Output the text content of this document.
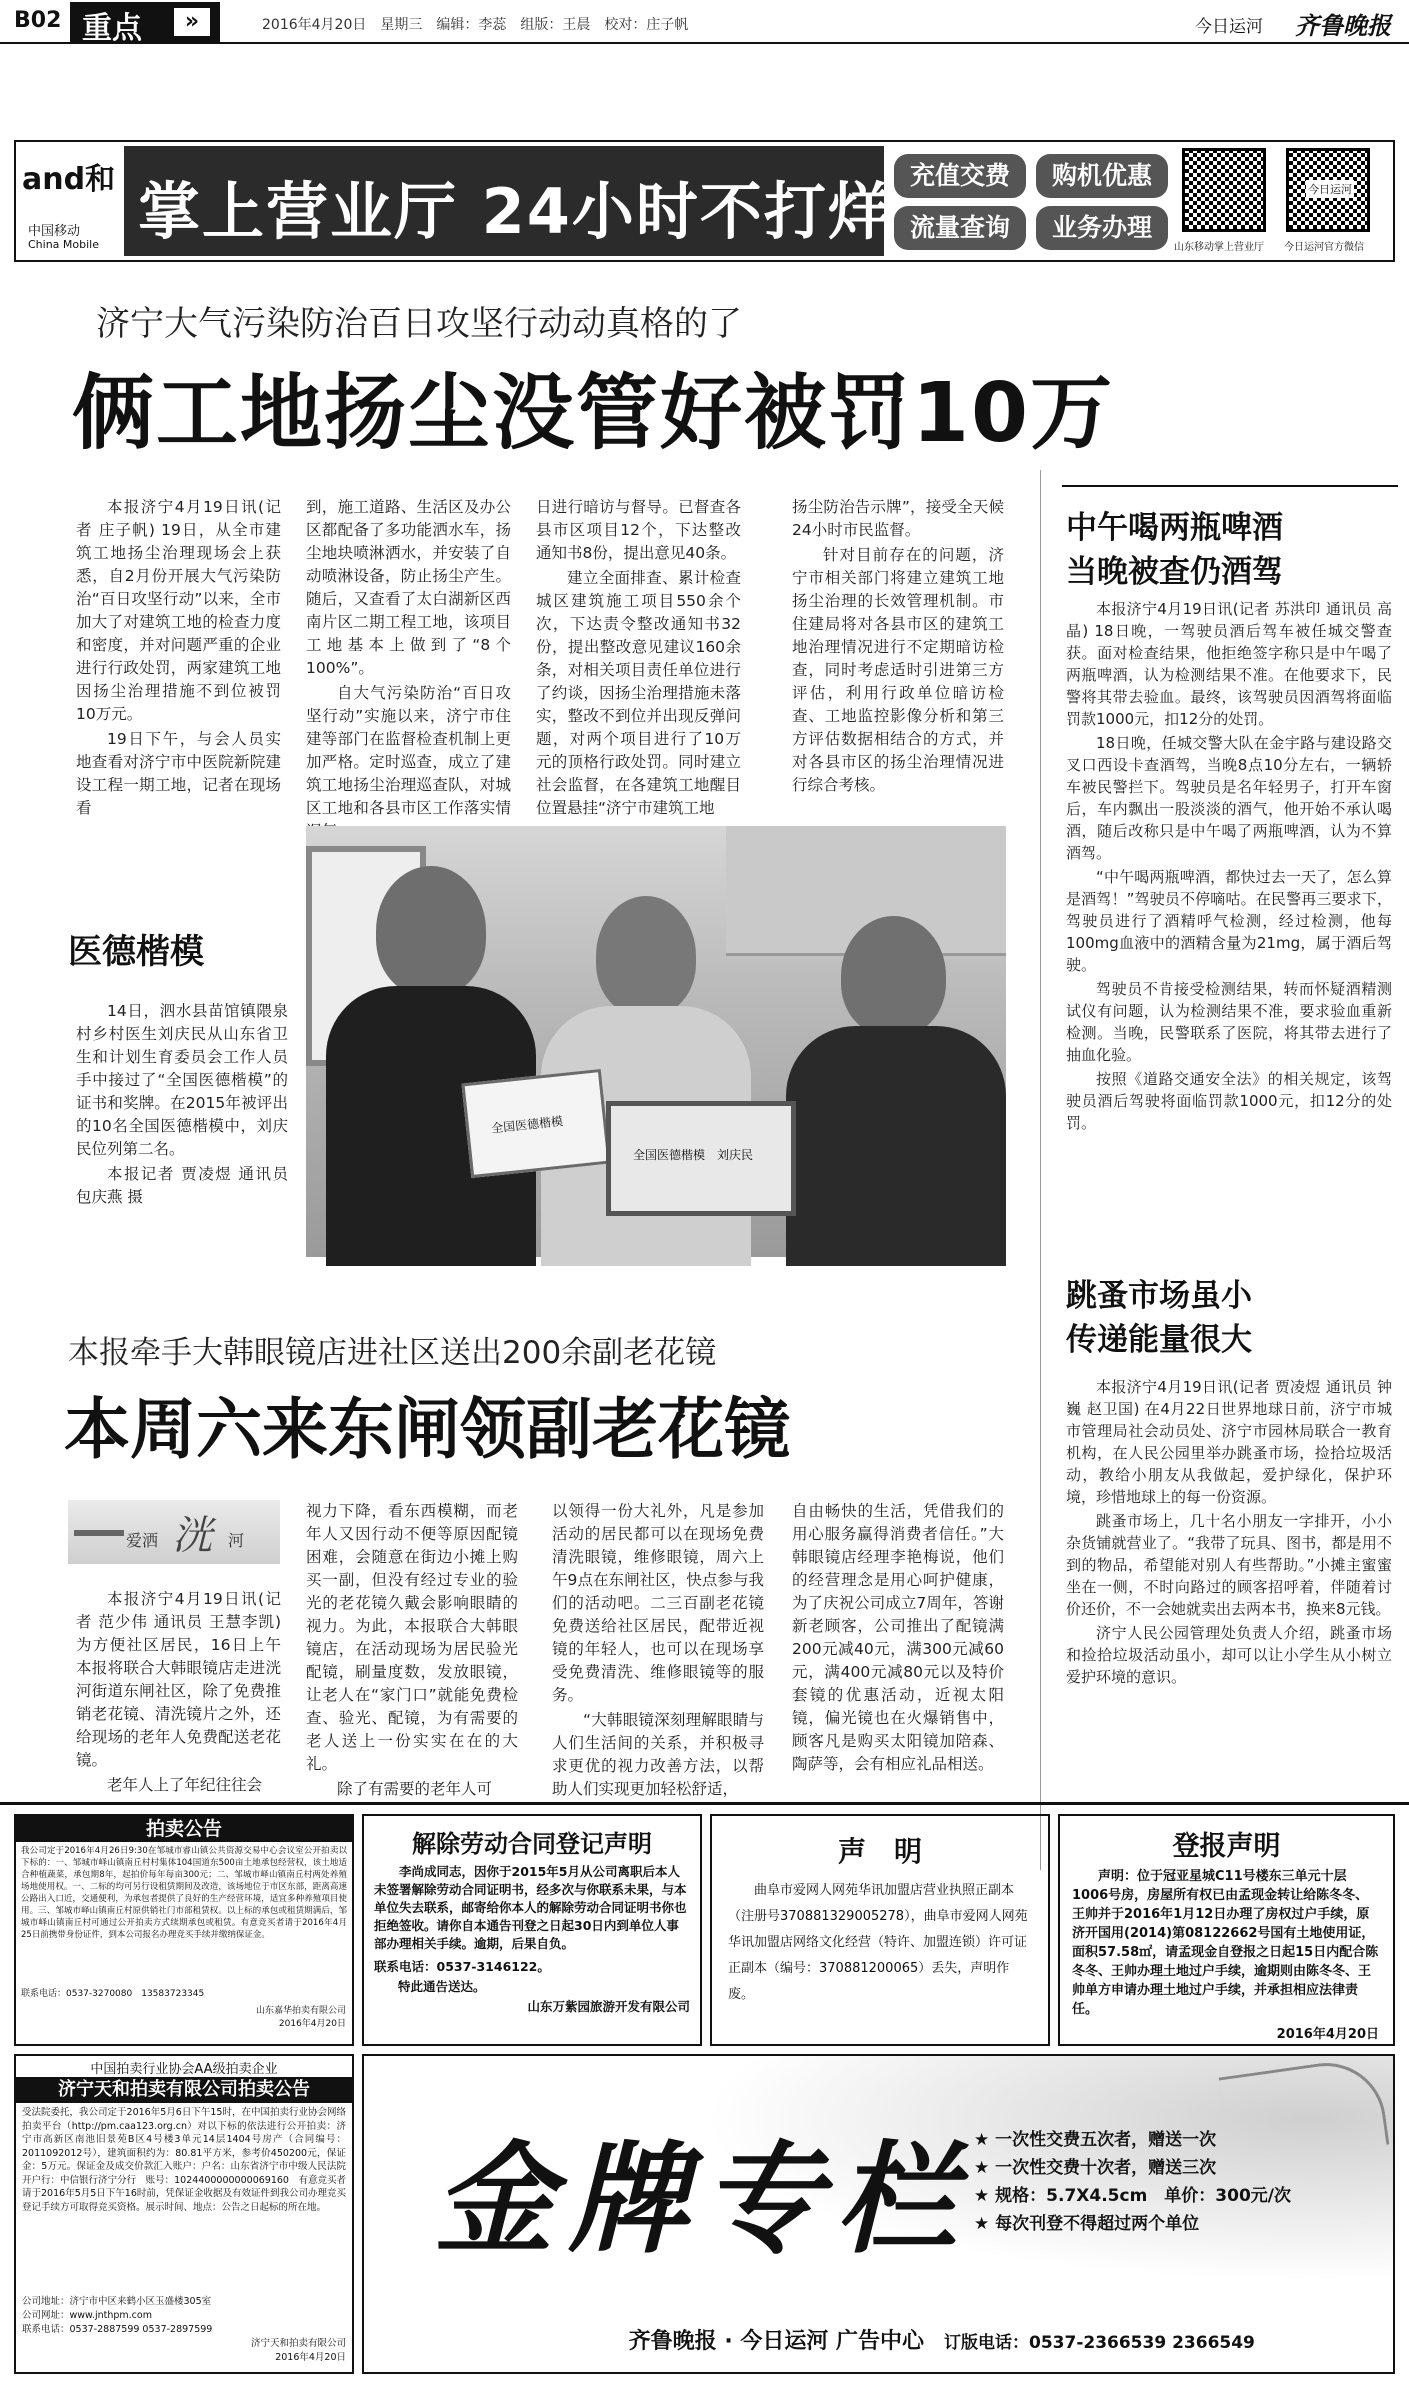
B02 重点	»	2016年4月20日　星期三　编辑：李蕊　组版：王晨　校对：庄子帆	今日运河 齐鲁晚报
and和
中国移动
China Mobile 掌上营业厅 24小时不打烊 充值交费	购机优惠
流量查询	业务办理
山东移动掌上营业厅
今日运河
今日运河官方微信
济宁大气污染防治百日攻坚行动动真格的了
俩工地扬尘没管好被罚10万

本报济宁4月19日讯(记者 庄子帆) 19日，从全市建筑工地扬尘治理现场会上获悉，自2月份开展大气污染防治“百日攻坚行动”以来，全市加大了对建筑工地的检查力度和密度，并对问题严重的企业进行行政处罚，两家建筑工地因扬尘治理措施不到位被罚10万元。

19日下午，与会人员实地查看对济宁市中医院新院建设工程一期工地，记者在现场看

到，施工道路、生活区及办公区都配备了多功能洒水车，扬尘地块喷淋洒水，并安装了自动喷淋设备，防止扬尘产生。随后，又查看了太白湖新区西南片区二期工程工地，该项目工地基本上做到了“8个100%”。

自大气污染防治“百日攻坚行动”实施以来，济宁市住建等部门在监督检查机制上更加严格。定时巡查，成立了建筑工地扬尘治理巡查队，对城区工地和各县市区工作落实情

日进行暗访与督导。已督查各县市区项目12个，下达整改通知书8份，提出意见40条。

建立全面排查、累计检查城区建筑施工项目550余个次，下达责令整改通知书32份，提出整改意见建议160余条，对相关项目责任单位进行了约谈，因扬尘治理措施未落实，整改不到位并出现反弹问题，对两个项目进行了10万元的顶格行政处罚。同时建立社会监督，在各建筑工地醒目位置悬挂“济宁市建筑工地

扬尘防治告示牌”，接受全天候24小时市民监督。

针对目前存在的问题，济宁市相关部门将建立建筑工地扬尘治理的长效管理机制。市住建局将对各县市区的建筑工地治理情况进行不定期暗访检查，同时考虑适时引进第三方评估，利用行政单位暗访检查、工地监控影像分析和第三方评估数据相结合的方式，并对各县市区的扬尘治理情况进行综合考核。

医德楷模

14日，泗水县苗馆镇隈泉村乡村医生刘庆民从山东省卫生和计划生育委员会工作人员手中接过了“全国医德楷模”的证书和奖牌。在2015年被评出的10名全国医德楷模中，刘庆民位列第二名。

本报记者 贾凌煜 通讯员 包庆燕 摄

全国医德楷模
全国医德楷模　刘庆民
中午喝两瓶啤酒
当晚被查仍酒驾

本报济宁4月19日讯(记者 苏洪印 通讯员 高晶) 18日晚，一驾驶员酒后驾车被任城交警查获。面对检查结果，他拒绝签字称只是中午喝了两瓶啤酒，认为检测结果不准。在他要求下，民警将其带去验血。最终，该驾驶员因酒驾将面临罚款1000元，扣12分的处罚。

18日晚，任城交警大队在金宇路与建设路交叉口西设卡查酒驾，当晚8点10分左右，一辆轿车被民警拦下。驾驶员是名年轻男子，打开车窗后，车内飘出一股淡淡的酒气，他开始不承认喝酒，随后改称只是中午喝了两瓶啤酒，认为不算酒驾。

“中午喝两瓶啤酒，都快过去一天了，怎么算是酒驾！”驾驶员不停嘀咕。在民警再三要求下，驾驶员进行了酒精呼气检测，经过检测，他每100mg血液中的酒精含量为21mg，属于酒后驾驶。

驾驶员不肯接受检测结果，转而怀疑酒精测试仪有问题，认为检测结果不准，要求验血重新检测。当晚，民警联系了医院，将其带去进行了抽血化验。

按照《道路交通安全法》的相关规定，该驾驶员酒后驾驶将面临罚款1000元，扣12分的处罚。

跳蚤市场虽小
传递能量很大

本报济宁4月19日讯(记者 贾凌煜 通讯员 钟巍 赵卫国) 在4月22日世界地球日前，济宁市城市管理局社会动员处、济宁市园林局联合一教育机构，在人民公园里举办跳蚤市场，捡拾垃圾活动，教给小朋友从我做起，爱护绿化，保护环境，珍惜地球上的每一份资源。

跳蚤市场上，几十名小朋友一字排开，小小杂货铺就营业了。“我带了玩具、图书，都是用不到的物品，希望能对别人有些帮助。”小摊主蜜蜜坐在一侧，不时向路过的顾客招呼着，伴随着讨价还价，不一会她就卖出去两本书，换来8元钱。

济宁人民公园管理处负责人介绍，跳蚤市场和捡拾垃圾活动虽小，却可以让小学生从小树立爱护环境的意识。

本报牵手大韩眼镜店进社区送出200余副老花镜
本周六来东闸领副老花镜
爱洒 洸 河

本报济宁4月19日讯(记者 范少伟 通讯员 王慧李凯) 为方便社区居民，16日上午本报将联合大韩眼镜店走进洸河街道东闸社区，除了免费推销老花镜、清洗镜片之外，还给现场的老年人免费配送老花镜。

老年人上了年纪往往会

视力下降，看东西模糊，而老年人又因行动不便等原因配镜困难，会随意在街边小摊上购买一副，但没有经过专业的验光的老花镜久戴会影响眼睛的视力。为此，本报联合大韩眼镜店，在活动现场为居民验光配镜，刷量度数，发放眼镜，让老人在“家门口”就能免费检查、验光、配镜，为有需要的老人送上一份实实在在的大礼。

除了有需要的老年人可

以领得一份大礼外，凡是参加活动的居民都可以在现场免费清洗眼镜，维修眼镜，周六上午9点在东闸社区，快点参与我们的活动吧。二三百副老花镜免费送给社区居民，配带近视镜的年轻人，也可以在现场享受免费清洗、维修眼镜等的服务。

“大韩眼镜深刻理解眼睛与人们生活间的关系，并积极寻求更优的视力改善方法，以帮助人们实现更加轻松舒适，

自由畅快的生活，凭借我们的用心服务赢得消费者信任。”大韩眼镜店经理李艳梅说，他们的经营理念是用心呵护健康，为了庆祝公司成立7周年，答谢新老顾客，公司推出了配镜满200元减40元，满300元减60元，满400元减80元以及特价套镜的优惠活动，近视太阳镜，偏光镜也在火爆销售中，顾客凡是购买太阳镜加陪森、陶萨等，会有相应礼品相送。

拍卖公告
我公司定于2016年4月26日9:30在邹城市睿山镇公共资源交易中心会议室公开拍卖以下标的：一、邹城市峄山镇南丘村村集体104国道东500亩土地承包经营权，该土地适合种植蔬菜，承包期8年，起拍价每年每亩300元；二、邹城市峄山镇南丘村两处养殖场地使用权。一、二标的均可另行设租赁期间及改造，该场地位于市区东部，距离高速公路出入口近，交通便利，为承包者提供了良好的生产经营环境，适宜多种养殖项目使用。三、邹城市峄山镇南丘村原供销社门市部租赁权。以上标的承包或租赁期满后，邹城市峄山镇南丘村可通过公开拍卖方式续期承包或租赁。有意竞买者请于2016年4月25日前携带身份证件，到本公司报名办理竞买手续并缴纳保证金。
联系电话：0537-3270080　13583723345
山东嘉华拍卖有限公司
2016年4月20日
解除劳动合同登记声明
李尚成同志，因你于2015年5月从公司离职后本人未签署解除劳动合同证明书，经多次与你联系未果，与本单位失去联系，邮寄给你本人的解除劳动合同证明书你也拒绝签收。请你自本通告刊登之日起30日内到单位人事部办理相关手续。逾期，后果自负。
联系电话：0537-3146122。
特此通告送达。
山东万紫园旅游开发有限公司
声　明
曲阜市爱网人网苑华讯加盟店营业执照正副本（注册号370881329005278），曲阜市爱网人网苑华讯加盟店网络文化经营（特许、加盟连锁）许可证正副本（编号：370881200065）丢失，声明作废。
登报声明
声明：位于冠亚星城C11号楼东三单元十层1006号房，房屋所有权已由孟现金转让给陈冬冬、王帅并于2016年1月12日办理了房权过户手续，原济开国用(2014)第08122662号国有土地使用证，面积57.58㎡，请孟现金自登报之日起15日内配合陈冬冬、王帅办理土地过户手续，逾期则由陈冬冬、王帅单方申请办理土地过户手续，并承担相应法律责任。
2016年4月20日
中国拍卖行业协会AA级拍卖企业
济宁天和拍卖有限公司拍卖公告
受法院委托，我公司定于2016年5月6日下午15时，在中国拍卖行业协会网络拍卖平台（http://pm.caa123.org.cn）对以下标的依法进行公开拍卖：济宁市高新区南池旧景苑B区4号楼3单元14层1404号房产（合同编号：2011092012号），建筑面积约为：80.81平方米，参考价450200元，保证金：5万元。保证金及成交价款汇入账户：户名：山东省济宁市中级人民法院　开户行：中信银行济宁分行　账号：1024400000000069160　有意竞买者请于2016年5月5日下午16时前，凭保证金收据及有效证件到我公司办理竞买登记手续方可取得竞买资格。展示时间、地点：公告之日起标的所在地。
公司地址：济宁市中区来鹤小区玉盛楼305室
公司网址：www.jnthpm.com
联系电话：0537-2887599 0537-2897599
济宁天和拍卖有限公司
2016年4月20日
金牌专栏 ★ 一次性交费五次者，赠送一次
★ 一次性交费十次者，赠送三次
★ 规格：5.7X4.5cm　单价：300元/次
★ 每次刊登不得超过两个单位
齐鲁晚报 · 今日运河 广告中心 订版电话：0537-2366539 2366549
